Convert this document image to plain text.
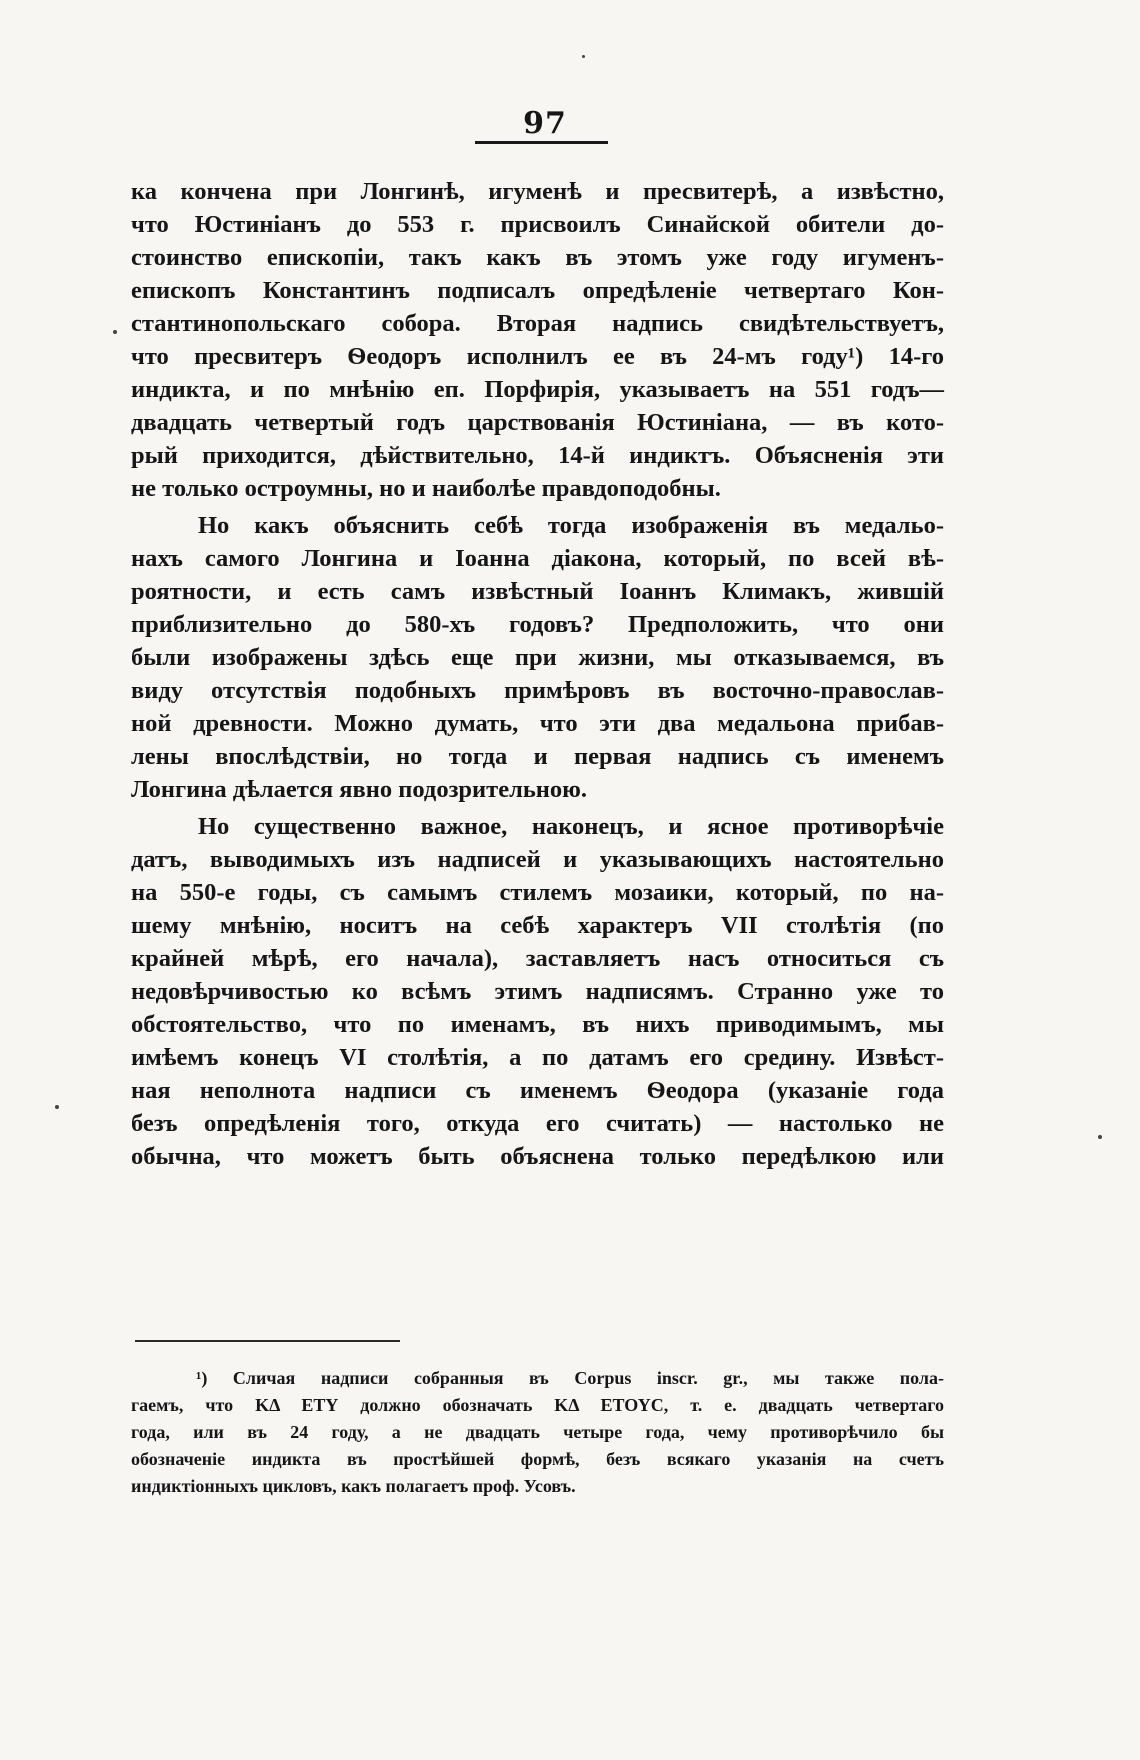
97
ка кончена при Лонгинѣ, игуменѣ и пресвитерѣ, а извѣстно,
что Юстиніанъ до 553 г. присвоилъ Синайской обители до-
стоинство епископіи, такъ какъ въ этомъ уже году игуменъ-
епископъ Константинъ подписалъ опредѣленіе четвертаго Кон-
стантинопольскаго собора. Вторая надпись свидѣтельствуетъ,
что пресвитеръ Ѳеодоръ исполнилъ ее въ 24-мъ году¹) 14-го
индикта, и по мнѣнію еп. Порфирія, указываетъ на 551 годъ—
двадцать четвертый годъ царствованія Юстиніана, — въ кото-
рый приходится, дѣйствительно, 14-й индиктъ. Объясненія эти
не только остроумны, но и наиболѣе правдоподобны.
Но какъ объяснить себѣ тогда изображенія въ медальо-
нахъ самого Лонгина и Іоанна діакона, который, по всей вѣ-
роятности, и есть самъ извѣстный Іоаннъ Климакъ, жившій
приблизительно до 580-хъ годовъ? Предположить, что они
были изображены здѣсь еще при жизни, мы отказываемся, въ
виду отсутствія подобныхъ примѣровъ въ восточно-православ-
ной древности. Можно думать, что эти два медальона прибав-
лены впослѣдствіи, но тогда и первая надпись съ именемъ
Лонгина дѣлается явно подозрительною.
Но существенно важное, наконецъ, и ясное противорѣчіе
датъ, выводимыхъ изъ надписей и указывающихъ настоятельно
на 550-е годы, съ самымъ стилемъ мозаики, который, по на-
шему мнѣнію, носитъ на себѣ характеръ VII столѣтія (по
крайней мѣрѣ, его начала), заставляетъ насъ относиться съ
недовѣрчивостью ко всѣмъ этимъ надписямъ. Странно уже то
обстоятельство, что по именамъ, въ нихъ приводимымъ, мы
имѣемъ конецъ VI столѣтія, а по датамъ его средину. Извѣст-
ная неполнота надписи съ именемъ Ѳеодора (указаніе года
безъ опредѣленія того, откуда его считать) — настолько не
обычна, что можетъ быть объяснена только передѣлкою или
¹) Сличая надписи собранныя въ Corpus inscr. gr., мы также пола-
гаемъ, что ΚΔ ΕΤΥ должно обозначать ΚΔ ΕΤΟΥC, т. е. двадцать четвертаго
года, или въ 24 году, а не двадцать четыре года, чему противорѣчило бы
обозначеніе индикта въ простѣйшей формѣ, безъ всякаго указанія на счетъ
индиктіонныхъ цикловъ, какъ полагаетъ проф. Усовъ.
